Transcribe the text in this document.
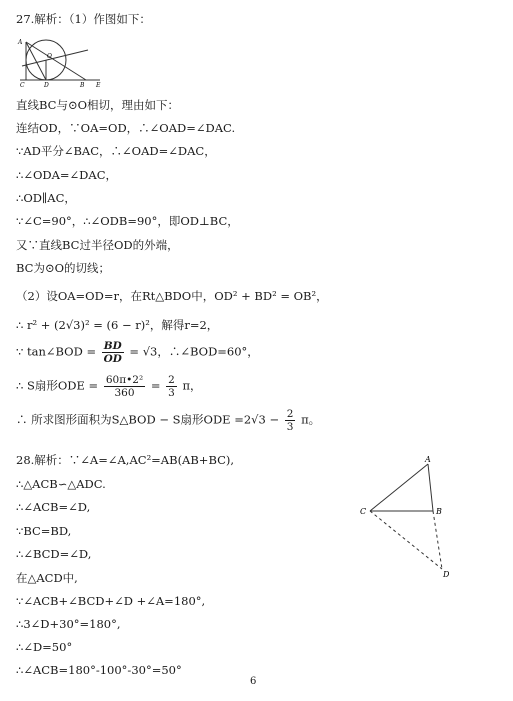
27.解析：（1）作图如下：
A
O
C	D	B E
直线BC与⊙O相切，理由如下：
连结OD，∵OA=OD，∴∠OAD=∠DAC.
∵AD平分∠BAC，∴∠OAD=∠DAC，
∴∠ODA=∠DAC，
∴OD∥AC，
∵∠C=90°，∴∠ODB=90°，即OD⊥BC，
又∵直线BC过半径OD的外端，
BC为⊙O的切线；
（2）设OA=OD=r，在Rt△BDO中，OD² + BD² = OB²，
∴ r² + (2√3)² = (6 − r)²，解得r=2，
∵ tan∠BOD = $\frac{BD}{OD} = √3$，∴∠BOD=60°，
∴ S扇形ODE = $\frac{\text{60π•2²}}{360} = \frac{2}{3}$ π，
∴ 所求图形面积为S△BOD − S扇形ODE $=2√3 - \frac{2}{3}$ π。
28.解析：∵∠A=∠A,AC²=AB(AB+BC),
∴△ACB∽△ADC.
∴∠ACB=∠D,
∵BC=BD,
∴∠BCD=∠D,
在△ACD中,
∵∠ACB+∠BCD+∠D +∠A=180°,
∴3∠D+30°=180°,
∴∠D=50°
∴∠ACB=180°-100°-30°=50°
A
C	B
D
6
